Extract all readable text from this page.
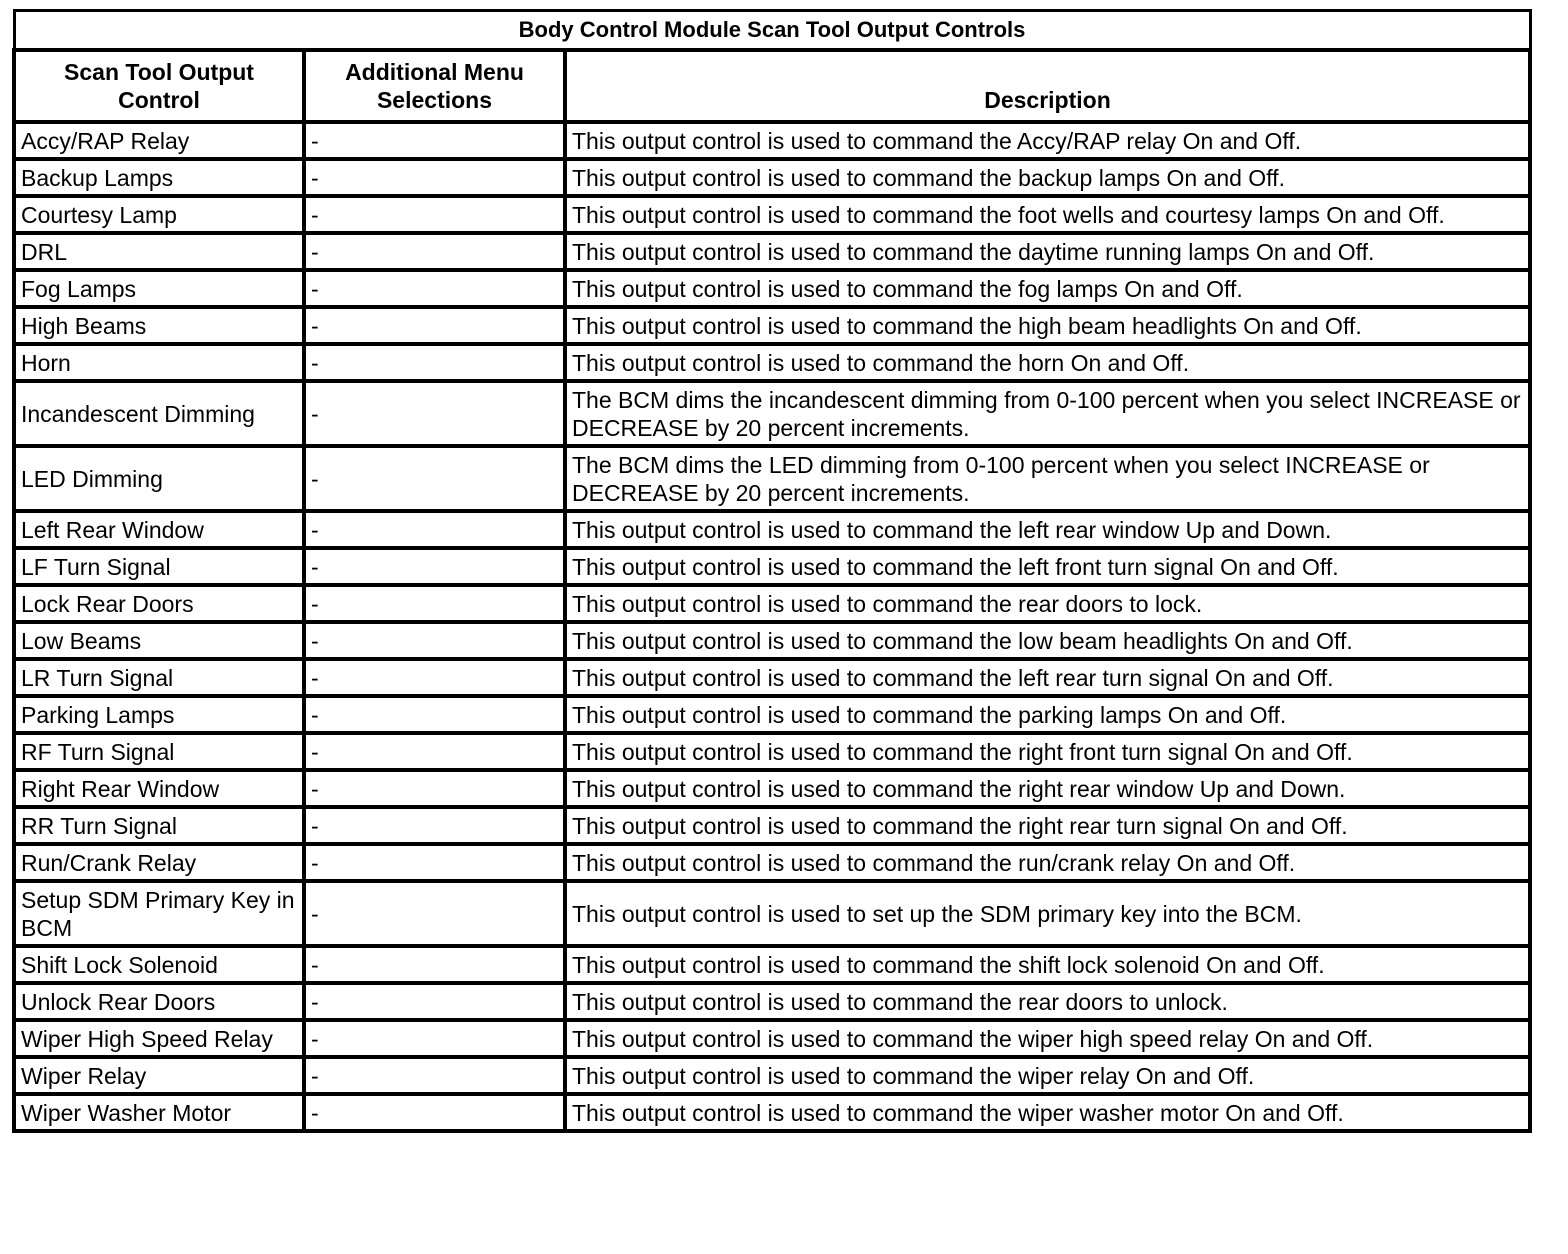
Body Control Module Scan Tool Output Controls		
Scan Tool Output Control	Additional Menu Selections	Description
Accy/RAP Relay	-	This output control is used to command the Accy/RAP relay On and Off.
Backup Lamps	-	This output control is used to command the backup lamps On and Off.
Courtesy Lamp	-	This output control is used to command the foot wells and courtesy lamps On and Off.
DRL	-	This output control is used to command the daytime running lamps On and Off.
Fog Lamps	-	This output control is used to command the fog lamps On and Off.
High Beams	-	This output control is used to command the high beam headlights On and Off.
Horn	-	This output control is used to command the horn On and Off.
Incandescent Dimming	-	The BCM dims the incandescent dimming from 0-100 percent when you select INCREASE or DECREASE by 20 percent increments.
LED Dimming	-	The BCM dims the LED dimming from 0-100 percent when you select INCREASE or DECREASE by 20 percent increments.
Left Rear Window	-	This output control is used to command the left rear window Up and Down.
LF Turn Signal	-	This output control is used to command the left front turn signal On and Off.
Lock Rear Doors	-	This output control is used to command the rear doors to lock.
Low Beams	-	This output control is used to command the low beam headlights On and Off.
LR Turn Signal	-	This output control is used to command the left rear turn signal On and Off.
Parking Lamps	-	This output control is used to command the parking lamps On and Off.
RF Turn Signal	-	This output control is used to command the right front turn signal On and Off.
Right Rear Window	-	This output control is used to command the right rear window Up and Down.
RR Turn Signal	-	This output control is used to command the right rear turn signal On and Off.
Run/Crank Relay	-	This output control is used to command the run/crank relay On and Off.
Setup SDM Primary Key in BCM	-	This output control is used to set up the SDM primary key into the BCM.
Shift Lock Solenoid	-	This output control is used to command the shift lock solenoid On and Off.
Unlock Rear Doors	-	This output control is used to command the rear doors to unlock.
Wiper High Speed Relay	-	This output control is used to command the wiper high speed relay On and Off.
Wiper Relay	-	This output control is used to command the wiper relay On and Off.
Wiper Washer Motor	-	This output control is used to command the wiper washer motor On and Off.
